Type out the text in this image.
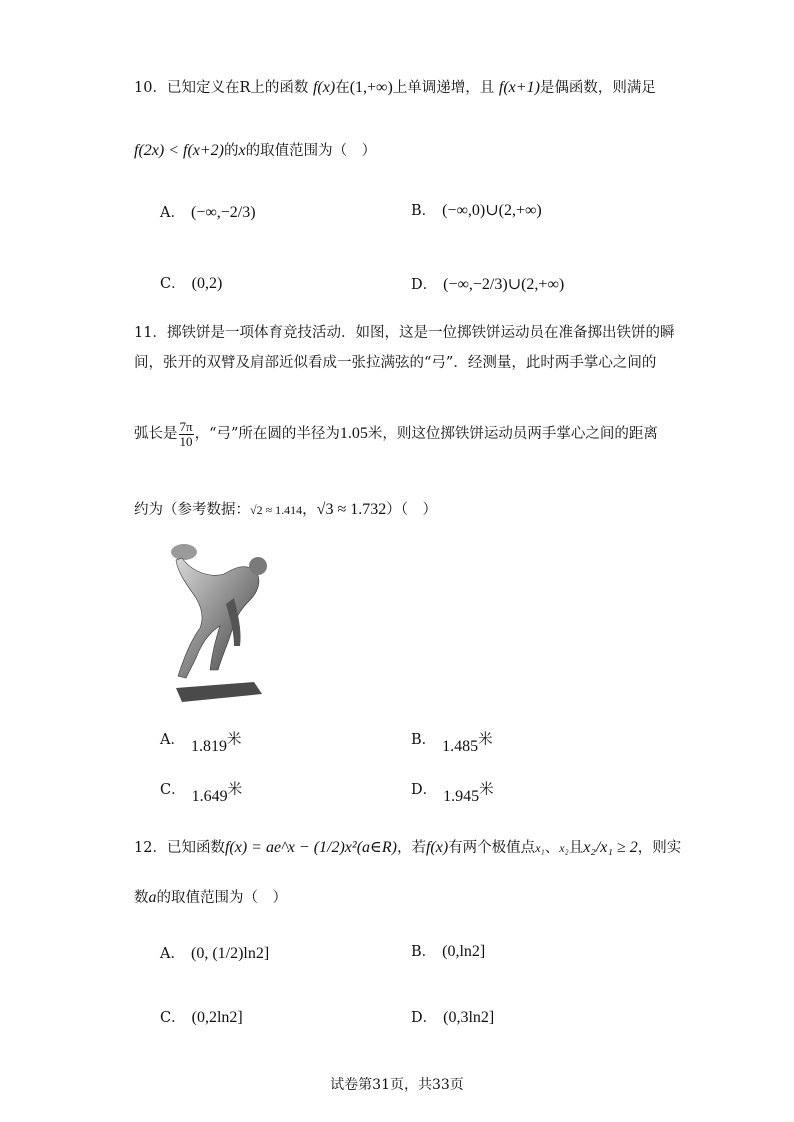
10．已知定义在R上的函数 f(x)在(1,+∞)上单调递增，且 f(x+1)是偶函数，则满足
f(2x) < f(x+2)的x的取值范围为（　）
A． (−∞,−2/3)	B． (−∞,0)∪(2,+∞)
C． (0,2)	D． (−∞,−2/3)∪(2,+∞)
11．掷铁饼是一项体育竞技活动．如图，这是一位掷铁饼运动员在准备掷出铁饼的瞬
间，张开的双臂及肩部近似看成一张拉满弦的“弓”．经测量，此时两手掌心之间的
弧长是 $\frac{7\pi}{10}$ ，“弓”所在圆的半径为1.05米，则这位掷铁饼运动员两手掌心之间的距离
约为（参考数据：√2 ≈ 1.414，√3 ≈ 1.732）（　）
A． 1.819米	B． 1.485米
C． 1.649米	D． 1.945米
12．已知函数f(x) = ae^x − (1/2)x²(a∈R)，若f(x)有两个极值点x₁、x₂且x₂/x₁ ≥ 2，则实
数a的取值范围为（　）
A． (0, (1/2)ln2]	B． (0,ln2]
C． (0,2ln2]	D． (0,3ln2]
试卷第31页，共33页
